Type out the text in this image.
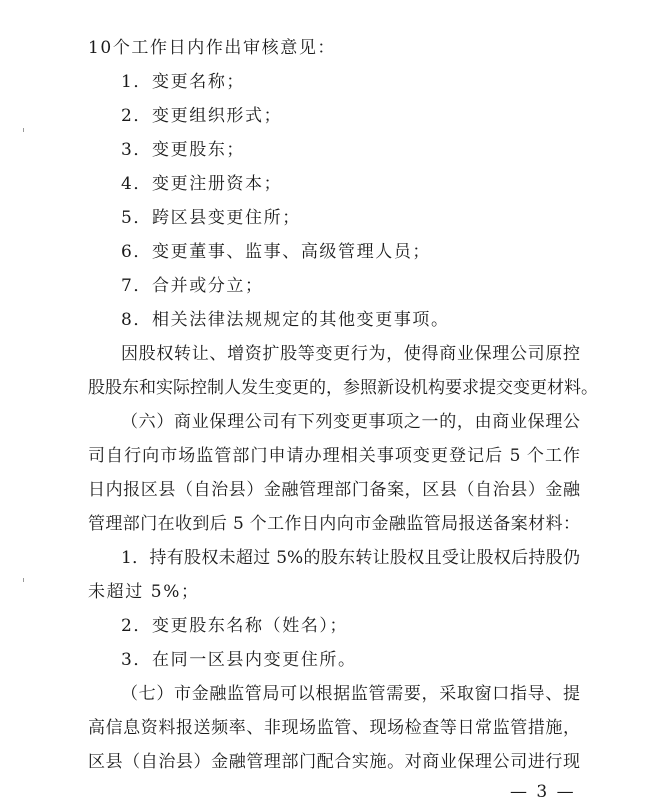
10个工作日内作出审核意见：
1．变更名称；
2．变更组织形式；
3．变更股东；
4．变更注册资本；
5．跨区县变更住所；
6．变更董事、监事、高级管理人员；
7．合并或分立；
8．相关法律法规规定的其他变更事项。
因股权转让、增资扩股等变更行为，使得商业保理公司原控
股股东和实际控制人发生变更的，参照新设机构要求提交变更材料。
（六）商业保理公司有下列变更事项之一的，由商业保理公
司自行向市场监管部门申请办理相关事项变更登记后 5 个工作
日内报区县（自治县）金融管理部门备案，区县（自治县）金融
管理部门在收到后 5 个工作日内向市金融监管局报送备案材料：
1．持有股权未超过 5%的股东转让股权且受让股权后持股仍
未超过 5%；
2．变更股东名称（姓名）；
3．在同一区县内变更住所。
（七）市金融监管局可以根据监管需要，采取窗口指导、提
高信息资料报送频率、非现场监管、现场检查等日常监管措施，
区县（自治县）金融管理部门配合实施。对商业保理公司进行现
— 3 —
